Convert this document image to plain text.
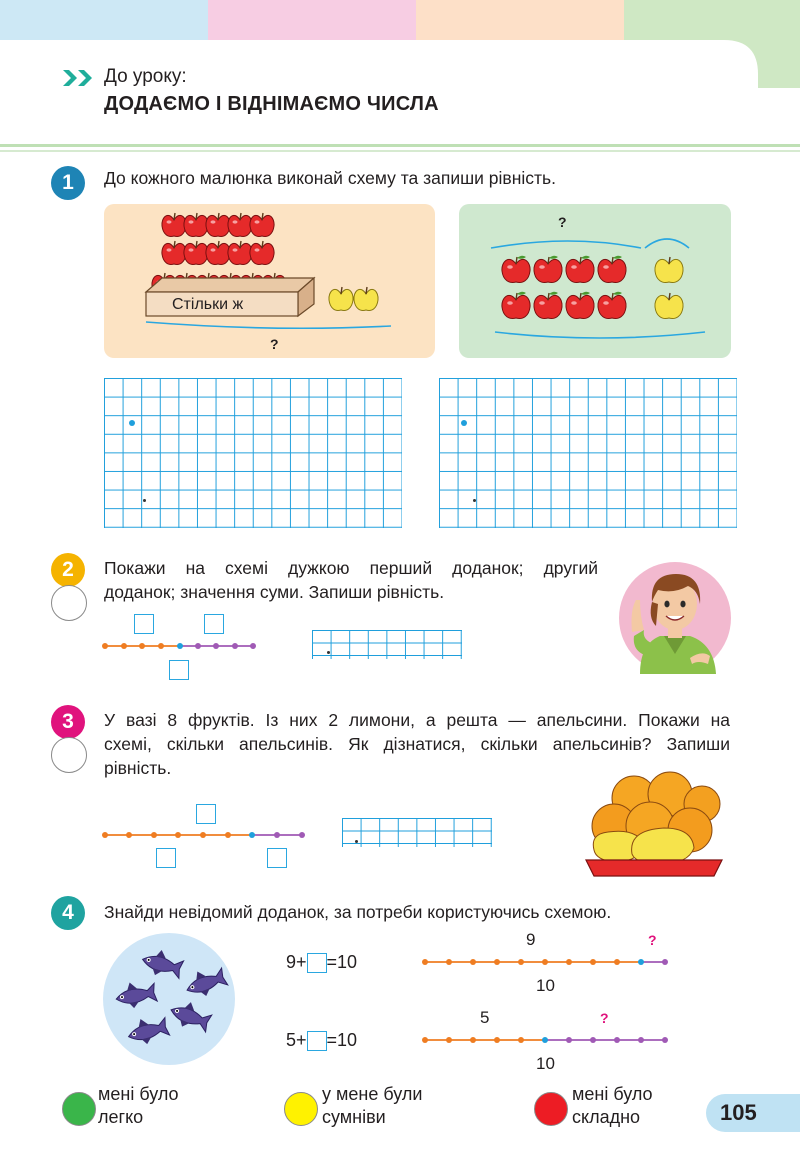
До уроку:
ДОДАЄМО І ВІДНІМАЄМО ЧИСЛА
1	До кожного малюнка виконай схему та запиши рівність.
Стільки ж
?
?
2	Покажи на схемі дужкою перший доданок; другий
доданок; значення суми. Запиши рівність.
3	У вазі 8 фруктів. Із них 2 лимони, а решта — апельсини. Покажи на
схемі, скільки апельсинів. Як дізнатися, скільки апельсинів? Запиши
рівність.
4	Знайди невідомий доданок, за потреби користуючись схемою.
9 + = 10
5 + = 10
9	?
10
5	?
10
мені було
легко
у мене були
сумніви
мені було
складно	105
